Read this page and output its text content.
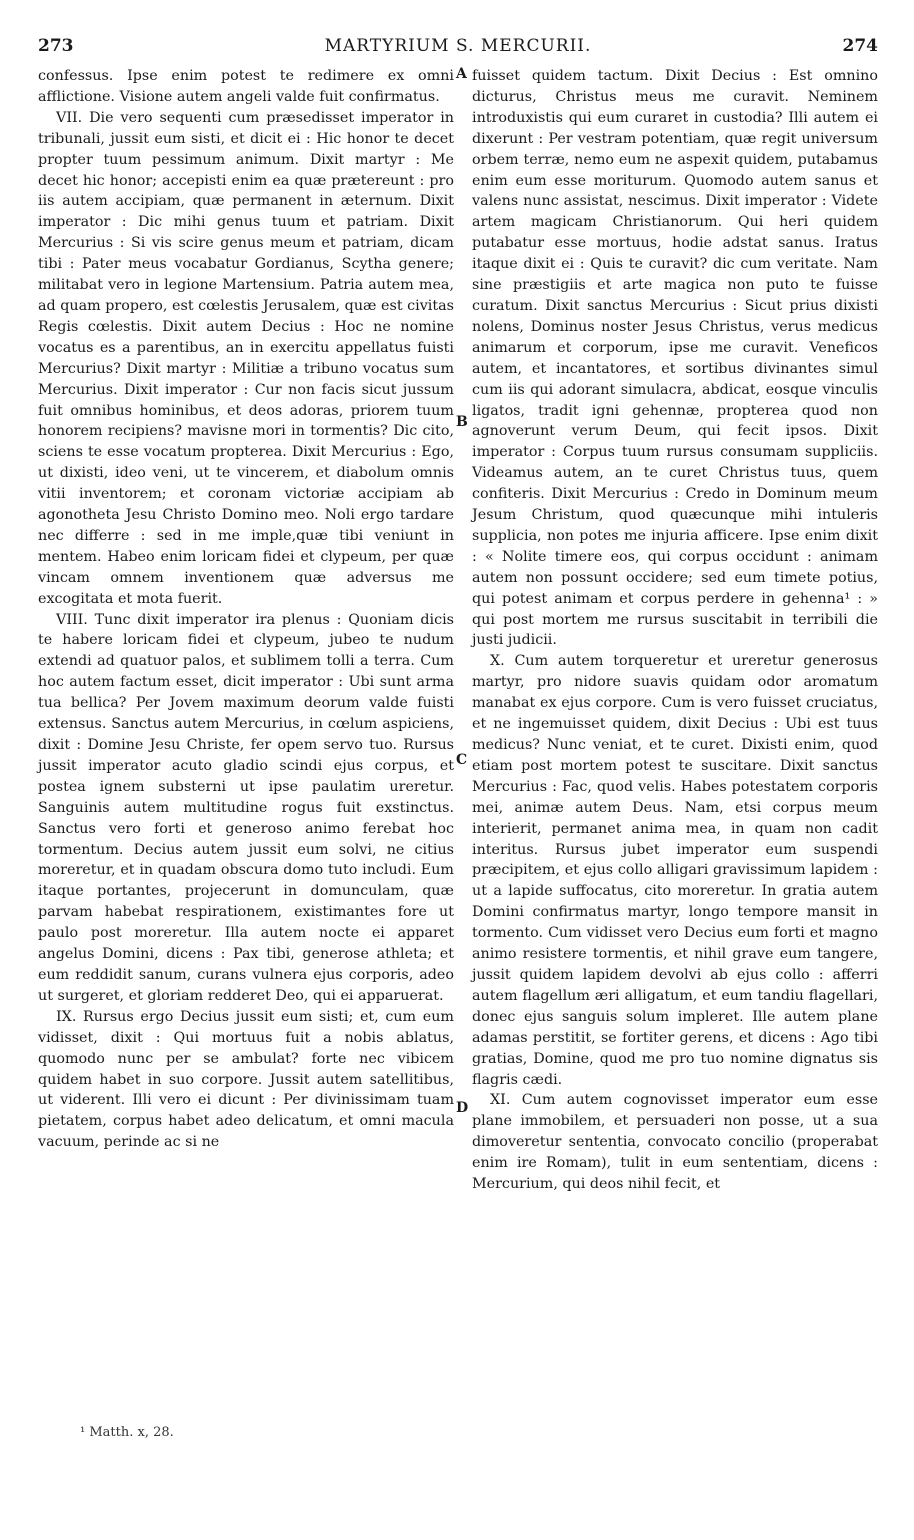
273	MARTYRIUM S. MERCURII.	274

confessus. Ipse enim potest te redimere ex omni afflictione. Visione autem angeli valde fuit confirmatus.

VII. Die vero sequenti cum præsedisset imperator in tribunali, jussit eum sisti, et dicit ei : Hic honor te decet propter tuum pessimum animum. Dixit martyr : Me decet hic honor; accepisti enim ea quæ prætereunt : pro iis autem accipiam, quæ permanent in æternum. Dixit imperator : Dic mihi genus tuum et patriam. Dixit Mercurius : Si vis scire genus meum et patriam, dicam tibi : Pater meus vocabatur Gordianus, Scytha genere; militabat vero in legione Martensium. Patria autem mea, ad quam propero, est cœlestis Jerusalem, quæ est civitas Regis cœlestis. Dixit autem Decius : Hoc ne nomine vocatus es a parentibus, an in exercitu appellatus fuisti Mercurius? Dixit martyr : Militiæ a tribuno vocatus sum Mercurius. Dixit imperator : Cur non facis sicut jussum fuit omnibus hominibus, et deos adoras, priorem tuum honorem recipiens? mavisne mori in tormentis? Dic cito, sciens te esse vocatum propterea. Dixit Mercurius : Ego, ut dixisti, ideo veni, ut te vincerem, et diabolum omnis vitii inventorem; et coronam victoriæ accipiam ab agonotheta Jesu Christo Domino meo. Noli ergo tardare nec differre : sed in me imple,quæ tibi veniunt in mentem. Habeo enim loricam fidei et clypeum, per quæ vincam omnem inventionem quæ adversus me excogitata et mota fuerit.

VIII. Tunc dixit imperator ira plenus : Quoniam dicis te habere loricam fidei et clypeum, jubeo te nudum extendi ad quatuor palos, et sublimem tolli a terra. Cum hoc autem factum esset, dicit imperator : Ubi sunt arma tua bellica? Per Jovem maximum deorum valde fuisti extensus. Sanctus autem Mercurius, in cœlum aspiciens, dixit : Domine Jesu Christe, fer opem servo tuo. Rursus jussit imperator acuto gladio scindi ejus corpus, et postea ignem substerni ut ipse paulatim ureretur. Sanguinis autem multitudine rogus fuit exstinctus. Sanctus vero forti et generoso animo ferebat hoc tormentum. Decius autem jussit eum solvi, ne citius moreretur, et in quadam obscura domo tuto includi. Eum itaque portantes, projecerunt in domunculam, quæ parvam habebat respirationem, existimantes fore ut paulo post moreretur. Illa autem nocte ei apparet angelus Domini, dicens : Pax tibi, generose athleta; et eum reddidit sanum, curans vulnera ejus corporis, adeo ut surgeret, et gloriam redderet Deo, qui ei apparuerat.

IX. Rursus ergo Decius jussit eum sisti; et, cum eum vidisset, dixit : Qui mortuus fuit a nobis ablatus, quomodo nunc per se ambulat? forte nec vibicem quidem habet in suo corpore. Jussit autem satellitibus, ut viderent. Illi vero ei dicunt : Per divinissimam tuam pietatem, corpus habet adeo delicatum, et omni macula vacuum, perinde ac si ne

A
B
C
D

fuisset quidem tactum. Dixit Decius : Est omnino dicturus, Christus meus me curavit. Neminem introduxistis qui eum curaret in custodia? Illi autem ei dixerunt : Per vestram potentiam, quæ regit universum orbem terræ, nemo eum ne aspexit quidem, putabamus enim eum esse moriturum. Quomodo autem sanus et valens nunc assistat, nescimus. Dixit imperator : Videte artem magicam Christianorum. Qui heri quidem putabatur esse mortuus, hodie adstat sanus. Iratus itaque dixit ei : Quis te curavit? dic cum veritate. Nam sine præstigiis et arte magica non puto te fuisse curatum. Dixit sanctus Mercurius : Sicut prius dixisti nolens, Dominus noster Jesus Christus, verus medicus animarum et corporum, ipse me curavit. Veneficos autem, et incantatores, et sortibus divinantes simul cum iis qui adorant simulacra, abdicat, eosque vinculis ligatos, tradit igni gehennæ, propterea quod non agnoverunt verum Deum, qui fecit ipsos. Dixit imperator : Corpus tuum rursus consumam suppliciis. Videamus autem, an te curet Christus tuus, quem confiteris. Dixit Mercurius : Credo in Dominum meum Jesum Christum, quod quæcunque mihi intuleris supplicia, non potes me injuria afficere. Ipse enim dixit : « Nolite timere eos, qui corpus occidunt : animam autem non possunt occidere; sed eum timete potius, qui potest animam et corpus perdere in gehenna¹ : » qui post mortem me rursus suscitabit in terribili die justi judicii.

X. Cum autem torqueretur et ureretur generosus martyr, pro nidore suavis quidam odor aromatum manabat ex ejus corpore. Cum is vero fuisset cruciatus, et ne ingemuisset quidem, dixit Decius : Ubi est tuus medicus? Nunc veniat, et te curet. Dixisti enim, quod etiam post mortem potest te suscitare. Dixit sanctus Mercurius : Fac, quod velis. Habes potestatem corporis mei, animæ autem Deus. Nam, etsi corpus meum interierit, permanet anima mea, in quam non cadit interitus. Rursus jubet imperator eum suspendi præcipitem, et ejus collo alligari gravissimum lapidem : ut a lapide suffocatus, cito moreretur. In gratia autem Domini confirmatus martyr, longo tempore mansit in tormento. Cum vidisset vero Decius eum forti et magno animo resistere tormentis, et nihil grave eum tangere, jussit quidem lapidem devolvi ab ejus collo : afferri autem flagellum æri alligatum, et eum tandiu flagellari, donec ejus sanguis solum impleret. Ille autem plane adamas perstitit, se fortiter gerens, et dicens : Ago tibi gratias, Domine, quod me pro tuo nomine dignatus sis flagris cædi.

XI. Cum autem cognovisset imperator eum esse plane immobilem, et persuaderi non posse, ut a sua dimoveretur sententia, convocato concilio (properabat enim ire Romam), tulit in eum sententiam, dicens : Mercurium, qui deos nihil fecit, et

¹ Matth. x, 28.
